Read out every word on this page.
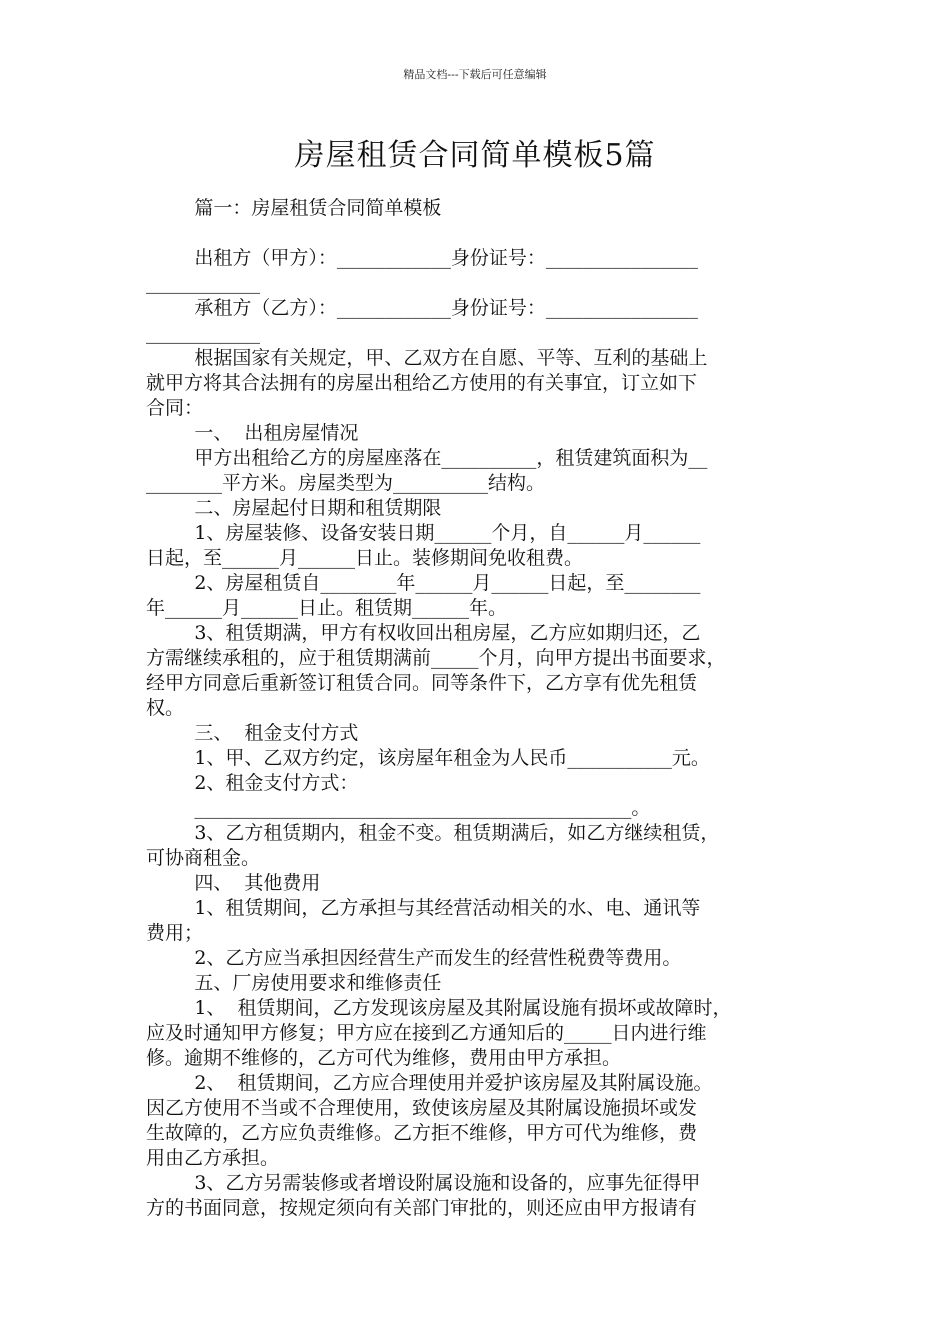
精品文档---下载后可任意编辑
房屋租赁合同简单模板5篇
篇一：房屋租赁合同简单模板

出租方（甲方）：____________身份证号：________________
____________
承租方（乙方）：____________身份证号：________________
____________
根据国家有关规定，甲、乙双方在自愿、平等、互利的基础上
就甲方将其合法拥有的房屋出租给乙方使用的有关事宜，订立如下
合同：
一、  出租房屋情况
甲方出租给乙方的房屋座落在__________，租赁建筑面积为__
________平方米。房屋类型为__________结构。
二、房屋起付日期和租赁期限
1、房屋装修、设备安装日期______个月，自______月______
日起，至______月______日止。装修期间免收租费。
2、房屋租赁自________年______月______日起，至________
年______月______日止。租赁期______年。
3、租赁期满，甲方有权收回出租房屋，乙方应如期归还，乙
方需继续承租的，应于租赁期满前_____个月，向甲方提出书面要求，
经甲方同意后重新签订租赁合同。同等条件下，乙方享有优先租赁
权。
三、  租金支付方式
1、甲、乙双方约定，该房屋年租金为人民币___________元。
2、租金支付方式：
______________________________________________。
3、乙方租赁期内，租金不变。租赁期满后，如乙方继续租赁，
可协商租金。
四、  其他费用
1、租赁期间，乙方承担与其经营活动相关的水、电、通讯等
费用；
2、乙方应当承担因经营生产而发生的经营性税费等费用。
五、厂房使用要求和维修责任
1、  租赁期间，乙方发现该房屋及其附属设施有损坏或故障时，
应及时通知甲方修复；甲方应在接到乙方通知后的_____日内进行维
修。逾期不维修的，乙方可代为维修，费用由甲方承担。
2、  租赁期间，乙方应合理使用并爱护该房屋及其附属设施。
因乙方使用不当或不合理使用，致使该房屋及其附属设施损坏或发
生故障的，乙方应负责维修。乙方拒不维修，甲方可代为维修，费
用由乙方承担。
3、乙方另需装修或者增设附属设施和设备的，应事先征得甲
方的书面同意，按规定须向有关部门审批的，则还应由甲方报请有
